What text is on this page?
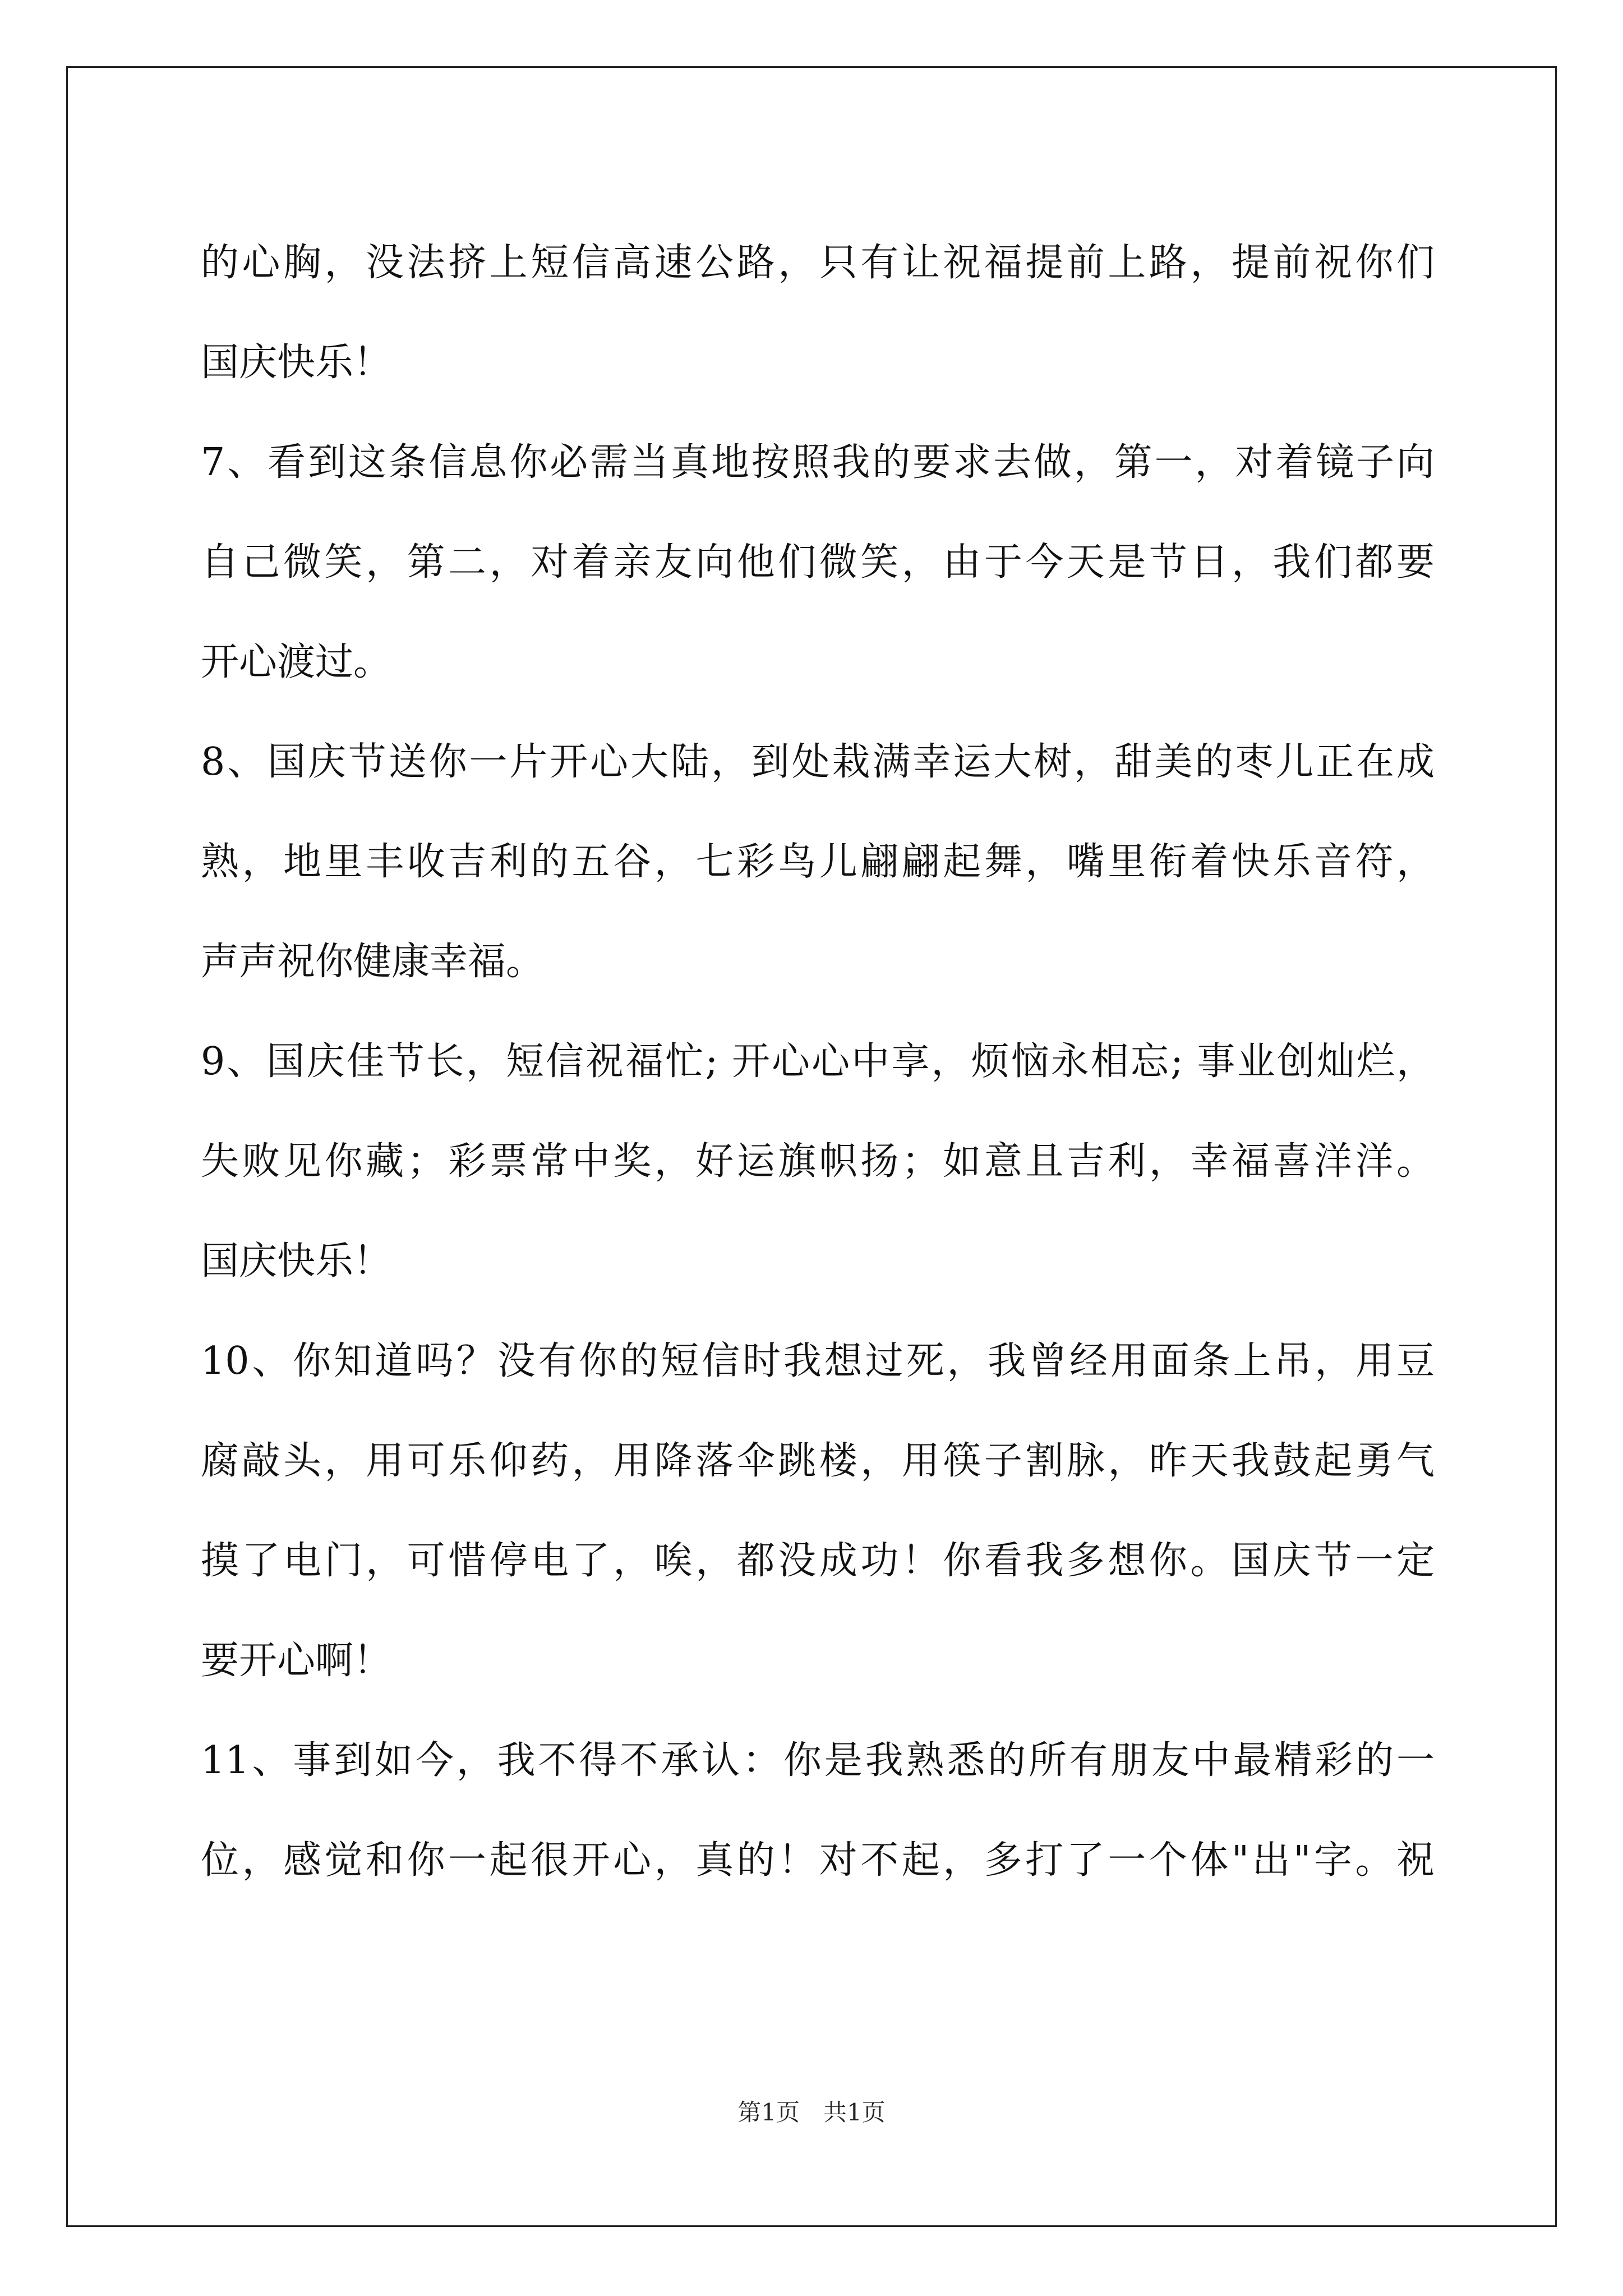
的心胸，没法挤上短信高速公路，只有让祝福提前上路，提前祝你们
国庆快乐！
7、看到这条信息你必需当真地按照我的要求去做，第一，对着镜子向
自己微笑，第二，对着亲友向他们微笑，由于今天是节日，我们都要
开心渡过。
8、国庆节送你一片开心大陆，到处栽满幸运大树，甜美的枣儿正在成
熟，地里丰收吉利的五谷，七彩鸟儿翩翩起舞，嘴里衔着快乐音符，
声声祝你健康幸福。
9、国庆佳节长，短信祝福忙; 开心心中享，烦恼永相忘; 事业创灿烂，
失败见你藏；彩票常中奖，好运旗帜扬；如意且吉利，幸福喜洋洋。
国庆快乐！
10、你知道吗？没有你的短信时我想过死，我曾经用面条上吊，用豆
腐敲头，用可乐仰药，用降落伞跳楼，用筷子割脉，昨天我鼓起勇气
摸了电门，可惜停电了，唉，都没成功！你看我多想你。国庆节一定
要开心啊！
11、事到如今，我不得不承认：你是我熟悉的所有朋友中最精彩的一
位，感觉和你一起很开心，真的！对不起，多打了一个体"出"字。祝
第1页　共1页
